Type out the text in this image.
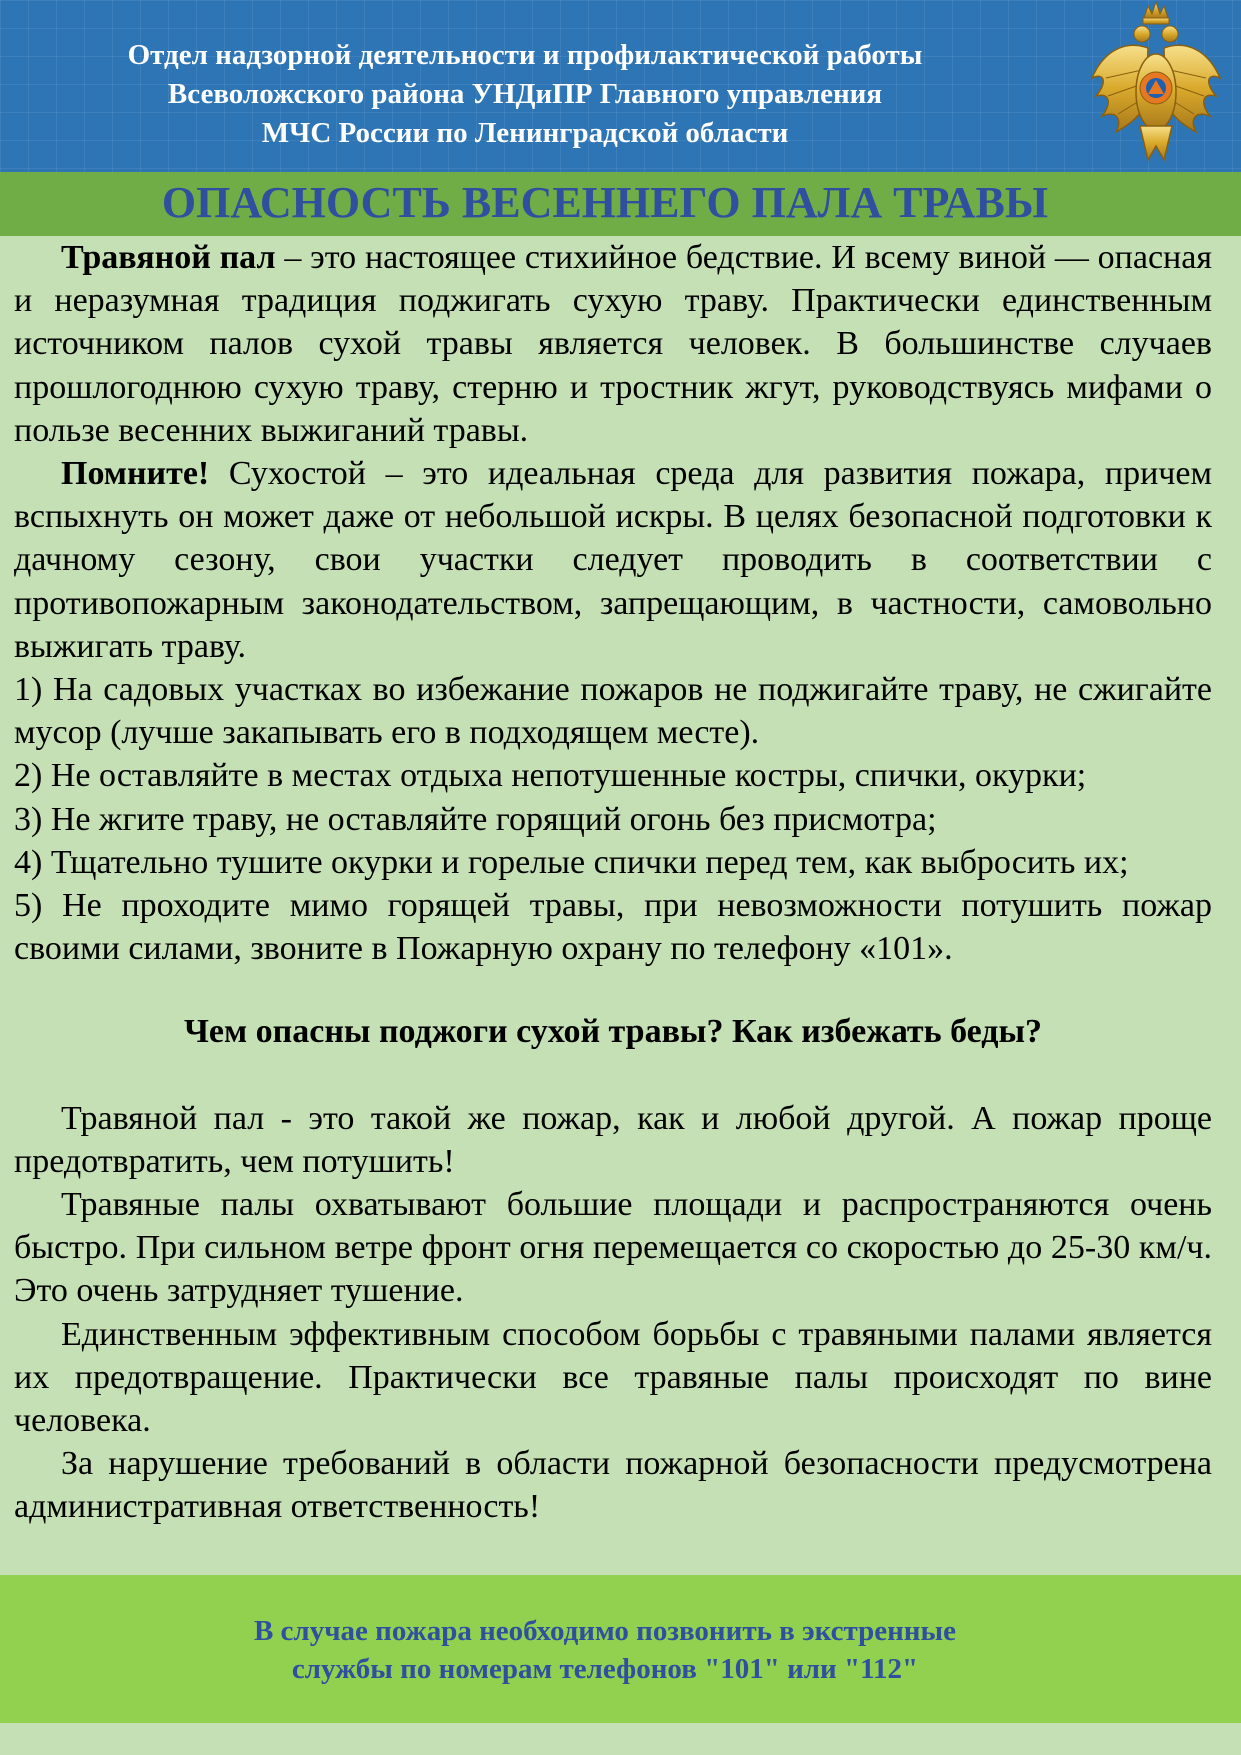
Отдел надзорной деятельности и профилактической работы
Всеволожского района УНДиПР Главного управления
МЧС России по Ленинградской области
ОПАСНОСТЬ ВЕСЕННЕГО ПАЛА ТРАВЫ

Травяной пал – это настоящее стихийное бедствие. И всему виной — опасная и неразумная традиция поджигать сухую траву. Практически единственным источником палов сухой травы является человек. В большинстве случаев прошлогоднюю сухую траву, стерню и тростник жгут, руководствуясь мифами о пользе весенних выжиганий травы.

Помните! Сухостой – это идеальная среда для развития пожара, причем вспыхнуть он может даже от небольшой искры. В целях безопасной подготовки к дачному сезону, свои участки следует проводить в соответствии с противопожарным законодательством, запрещающим, в частности, самовольно выжигать траву.

1) На садовых участках во избежание пожаров не поджигайте траву, не сжигайте мусор (лучше закапывать его в подходящем месте).

2) Не оставляйте в местах отдыха непотушенные костры, спички, окурки;

3) Не жгите траву, не оставляйте горящий огонь без присмотра;

4) Тщательно тушите окурки и горелые спички перед тем, как выбросить их;

5) Не проходите мимо горящей травы, при невозможности потушить пожар своими силами, звоните в Пожарную охрану по телефону «101».

Чем опасны поджоги сухой травы? Как избежать беды?

Травяной пал - это такой же пожар, как и любой другой. А пожар проще предотвратить, чем потушить!

Травяные палы охватывают большие площади и распространяются очень быстро. При сильном ветре фронт огня перемещается со скоростью до 25-30 км/ч. Это очень затрудняет тушение.

Единственным эффективным способом борьбы с травяными палами является их предотвращение. Практически все травяные палы происходят по вине человека.

За нарушение требований в области пожарной безопасности предусмотрена административная ответственность!

В случае пожара необходимо позвонить в экстренные
службы по номерам телефонов "101" или "112"
